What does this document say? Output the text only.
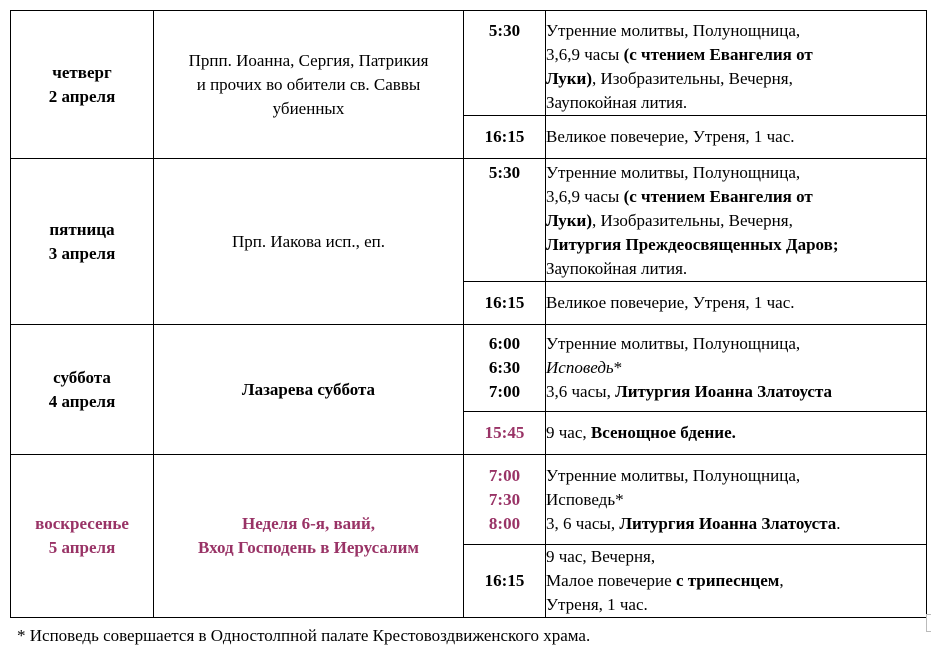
четверг
2 апреля	Прпп. Иоанна, Сергия, Патрикия
и прочих во обители св. Саввы
убиенных	5:30	Утренние молитвы, Полунощница,
3,6,9 часы (с чтением Евангелия от
Луки), Изобразительны, Вечерня,
Заупокойная лития.

		16:15	Великое повечерие, Утреня, 1 час.

пятница
3 апреля	Прп. Иакова исп., еп.	5:30	Утренние молитвы, Полунощница,
3,6,9 часы (с чтением Евангелия от
Луки), Изобразительны, Вечерня,
Литургия Преждеосвященных Даров;
Заупокойная лития.

		16:15	Великое повечерие, Утреня, 1 час.

суббота
4 апреля	Лазарева суббота	6:00
6:30
7:00	Утренние молитвы, Полунощница,
Исповедь*
3,6 часы, Литургия Иоанна Златоуста

		15:45	9 час, Всенощное бдение.

воскресенье
5 апреля	Неделя 6-я, ваий,
Вход Господень в Иерусалим	7:00
7:30
8:00	Утренние молитвы, Полунощница,
Исповедь*
3, 6 часы, Литургия Иоанна Златоуста.

		16:15	9 час, Вечерня,
Малое повечерие с трипеснцем,
Утреня, 1 час.
* Исповедь совершается в Одностолпной палате Крестовоздвиженского храма.
